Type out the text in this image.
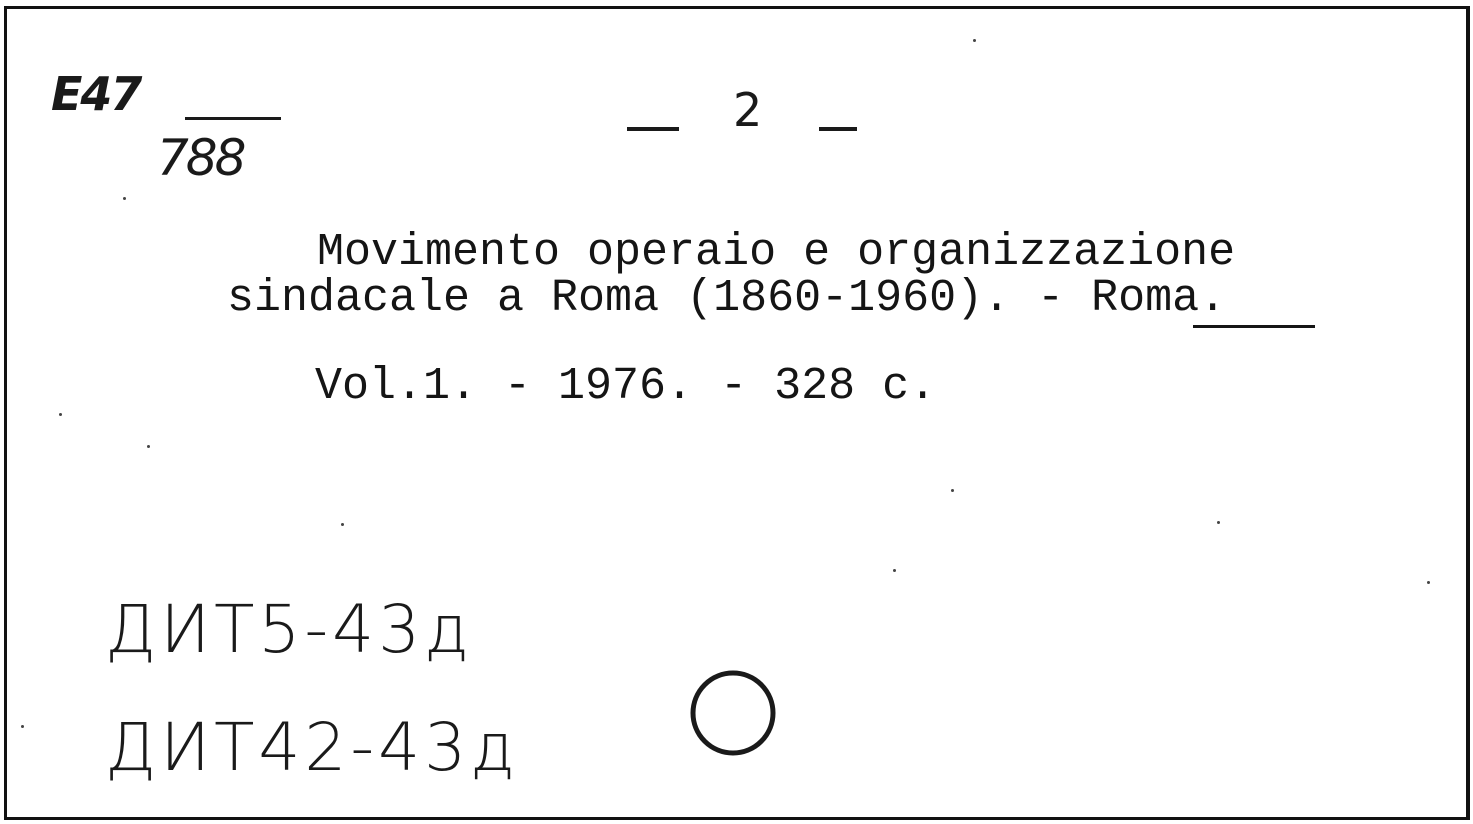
E47
788
2
Movimento operaio e organizzazione
sindacale a Roma (1860-1960). - Roma.
Vol.1. - 1976. - 328 c.
ДИТ5-43д
ДИТ42-43д
